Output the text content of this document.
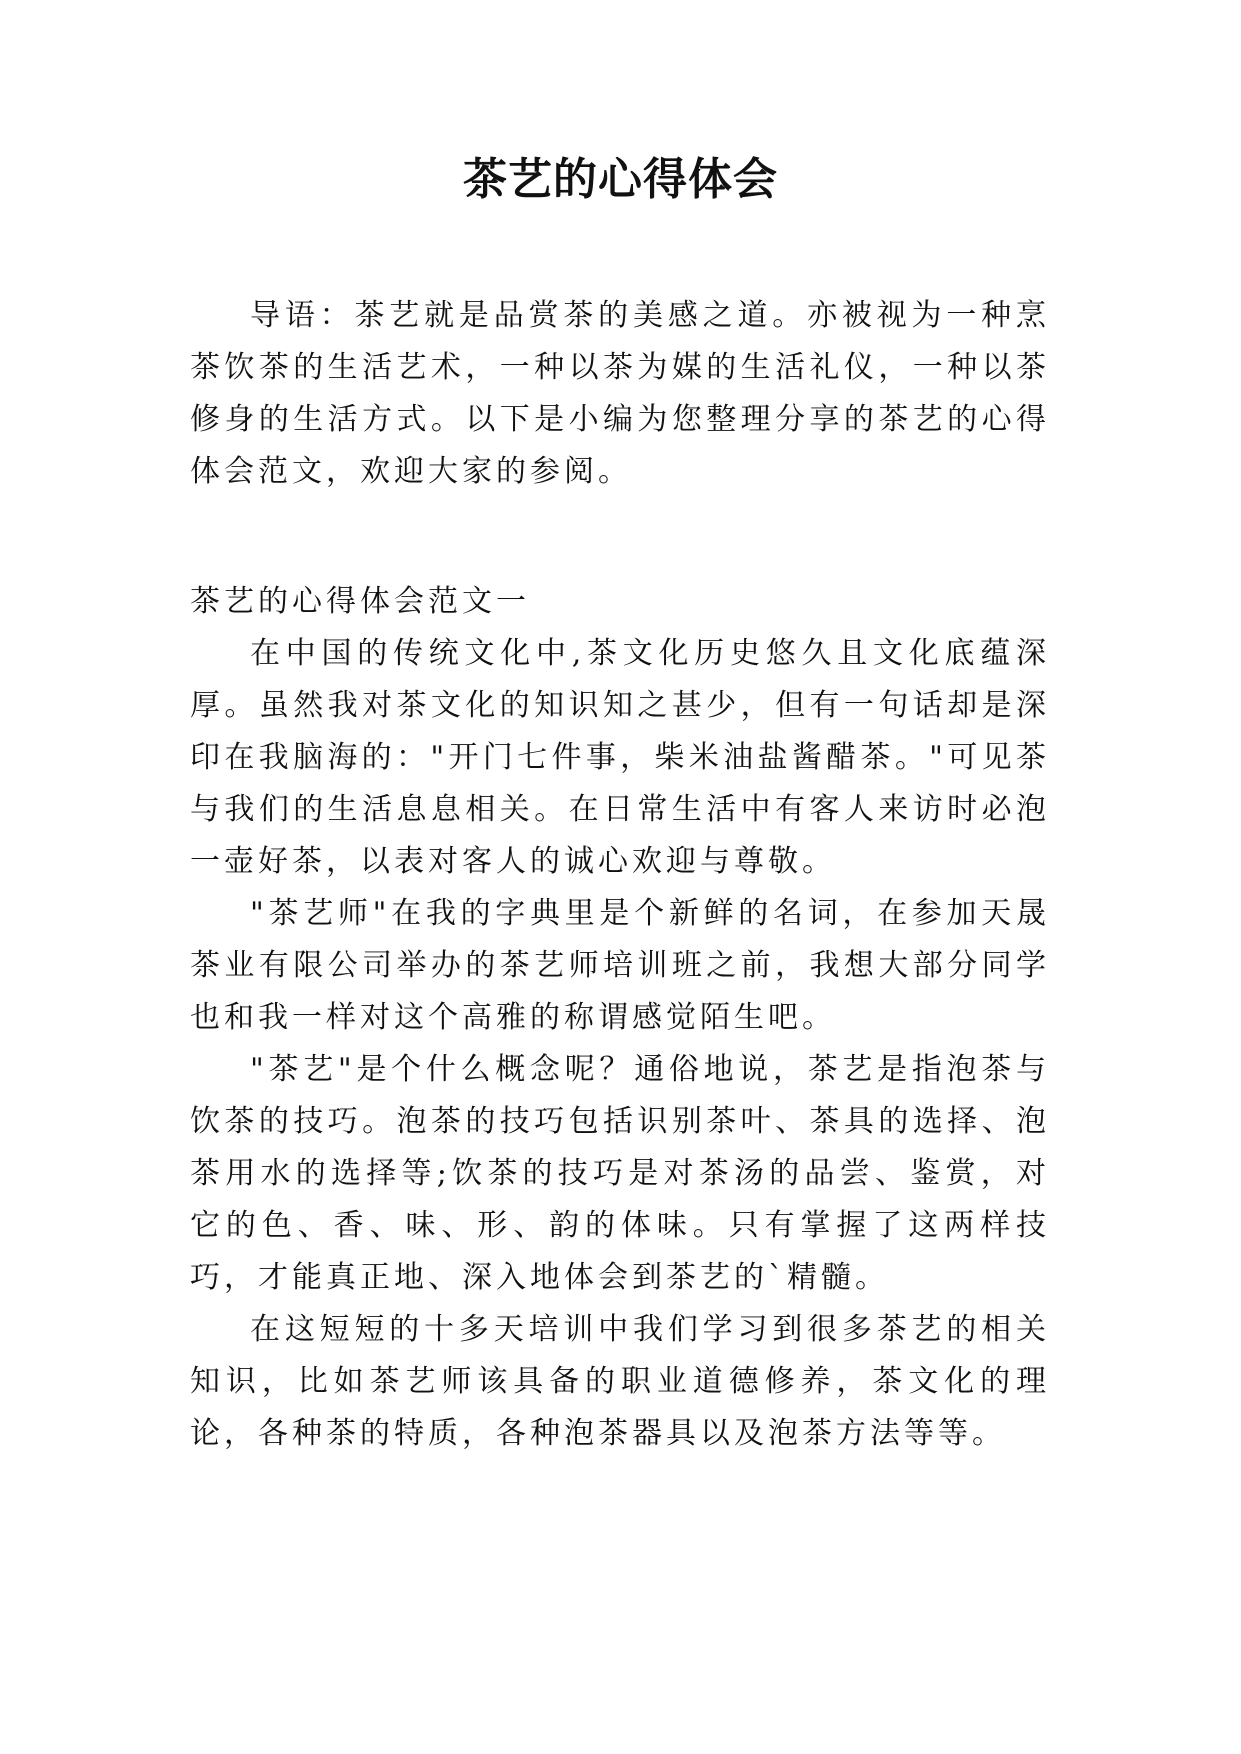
茶艺的心得体会

导语：茶艺就是品赏茶的美感之道。亦被视为一种烹茶饮茶的生活艺术，一种以茶为媒的生活礼仪，一种以茶修身的生活方式。以下是小编为您整理分享的茶艺的心得体会范文，欢迎大家的参阅。

茶艺的心得体会范文一

在中国的传统文化中,茶文化历史悠久且文化底蕴深厚。虽然我对茶文化的知识知之甚少，但有一句话却是深印在我脑海的："开门七件事，柴米油盐酱醋茶。"可见茶与我们的生活息息相关。在日常生活中有客人来访时必泡一壶好茶，以表对客人的诚心欢迎与尊敬。

"茶艺师"在我的字典里是个新鲜的名词，在参加天晟茶业有限公司举办的茶艺师培训班之前，我想大部分同学也和我一样对这个高雅的称谓感觉陌生吧。

"茶艺"是个什么概念呢？通俗地说，茶艺是指泡茶与饮茶的技巧。泡茶的技巧包括识别茶叶、茶具的选择、泡茶用水的选择等;饮茶的技巧是对茶汤的品尝、鉴赏，对它的色、香、味、形、韵的体味。只有掌握了这两样技巧，才能真正地、深入地体会到茶艺的`精髓。

在这短短的十多天培训中我们学习到很多茶艺的相关知识，比如茶艺师该具备的职业道德修养，茶文化的理论，各种茶的特质，各种泡茶器具以及泡茶方法等等。
